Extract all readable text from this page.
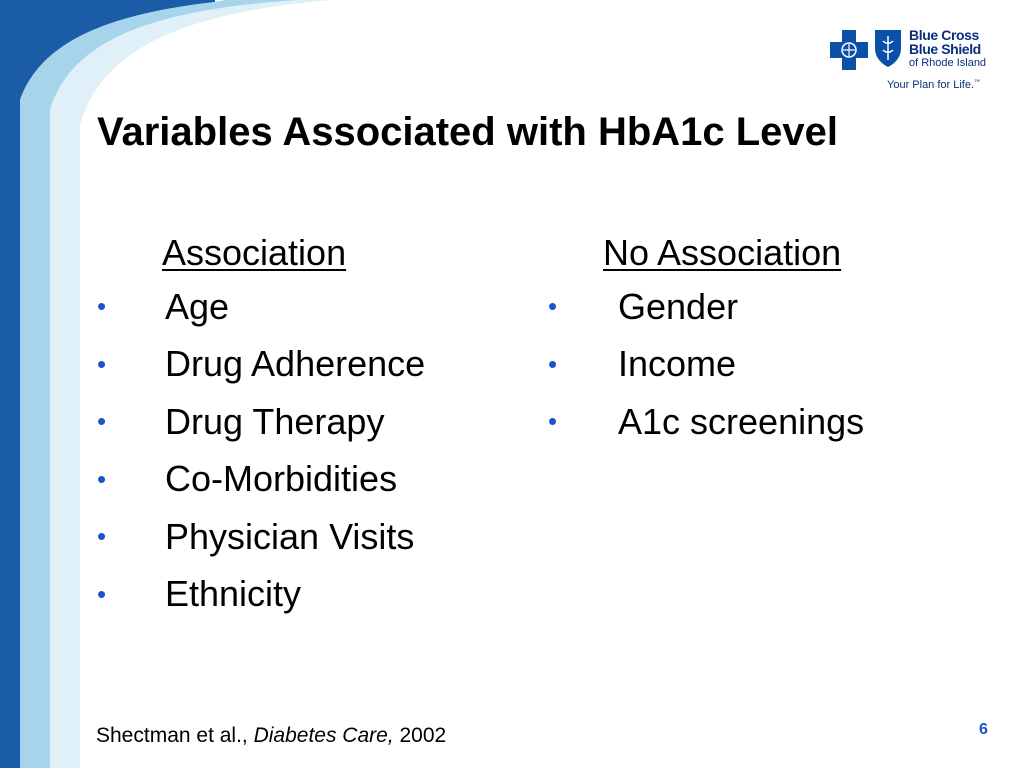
Blue Cross
Blue Shield
of Rhode Island
Your Plan for Life.™
Variables Associated with HbA1c Level
Association
•	Age
•	Drug Adherence
•	Drug Therapy
•	Co-Morbidities
•	Physician Visits
•	Ethnicity
No Association
•	Gender
•	Income
•	A1c screenings
Shectman et al., Diabetes Care, 2002	6
